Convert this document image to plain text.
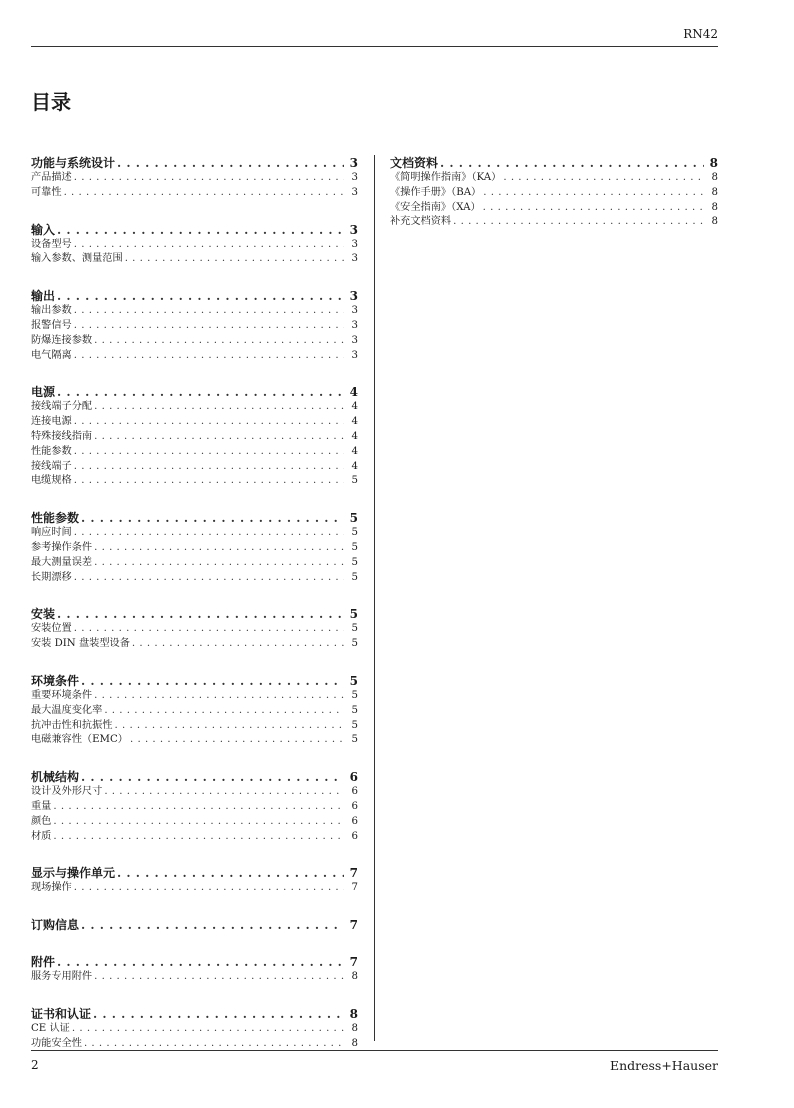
RN42
目录
功能与系统设计 . . .	3
产品描述 . . .	3
可靠性 . . .	3
输入 . . .	3
设备型号 . . .	3
输入参数、测量范围 . . .	3
输出 . . .	3
输出参数 . . .	3
报警信号 . . .	3
防爆连接参数 . . .	3
电气隔离 . . .	3
电源 . . .	4
接线端子分配 . . .	4
连接电源 . . .	4
特殊接线指南 . . .	4
性能参数 . . .	4
接线端子 . . .	4
电缆规格 . . .	5
性能参数 . . .	5
响应时间 . . .	5
参考操作条件 . . .	5
最大测量误差 . . .	5
长期漂移 . . .	5
安装 . . .	5
安装位置 . . .	5
安装 DIN 盘装型设备 . . .	5
环境条件 . . .	5
重要环境条件 . . .	5
最大温度变化率 . . .	5
抗冲击性和抗振性 . . .	5
电磁兼容性（EMC） . . .	5
机械结构 . . .	6
设计及外形尺寸 . . .	6
重量 . . .	6
颜色 . . .	6
材质 . . .	6
显示与操作单元 . . .	7
现场操作 . . .	7
订购信息 . . .	7
附件 . . .	7
服务专用附件 . . .	8
证书和认证 . . .	8
CE 认证 . . .	8
功能安全性 . . .	8
文档资料 . . .	8
《简明操作指南》（KA） . . .	8
《操作手册》（BA） . . .	8
《安全指南》（XA） . . .	8
补充文档资料 . . .	8
2	Endress+Hauser
